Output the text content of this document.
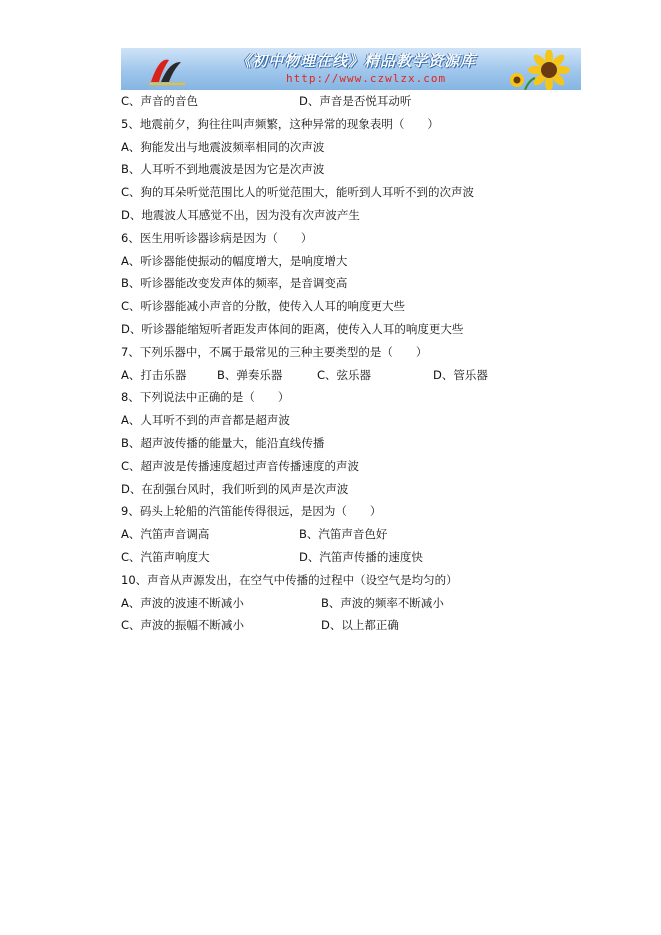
《初中物理在线》精品教学资源库
http://www.czwlzx.com
C、声音的音色	D、声音是否悦耳动听
5、地震前夕，狗往往叫声频繁，这种异常的现象表明（　　）
A、狗能发出与地震波频率相同的次声波
B、人耳听不到地震波是因为它是次声波
C、狗的耳朵听觉范围比人的听觉范围大，能听到人耳听不到的次声波
D、地震波人耳感觉不出，因为没有次声波产生
6、医生用听诊器诊病是因为（　　）
A、听诊器能使振动的幅度增大，是响度增大
B、听诊器能改变发声体的频率，是音调变高
C、听诊器能减小声音的分散，使传入人耳的响度更大些
D、听诊器能缩短听者距发声体间的距离，使传入人耳的响度更大些
7、下列乐器中，不属于最常见的三种主要类型的是（　　）
A、打击乐器	B、弹奏乐器	C、弦乐器	D、管乐器
8、下列说法中正确的是（　　）
A、人耳听不到的声音都是超声波
B、超声波传播的能量大，能沿直线传播
C、超声波是传播速度超过声音传播速度的声波
D、在刮强台风时，我们听到的风声是次声波
9、码头上轮船的汽笛能传得很远，是因为（　　）
A、汽笛声音调高	B、汽笛声音色好
C、汽笛声响度大	D、汽笛声传播的速度快
10、声音从声源发出，在空气中传播的过程中（设空气是均匀的）
A、声波的波速不断减小	B、声波的频率不断减小
C、声波的振幅不断减小	D、以上都正确
